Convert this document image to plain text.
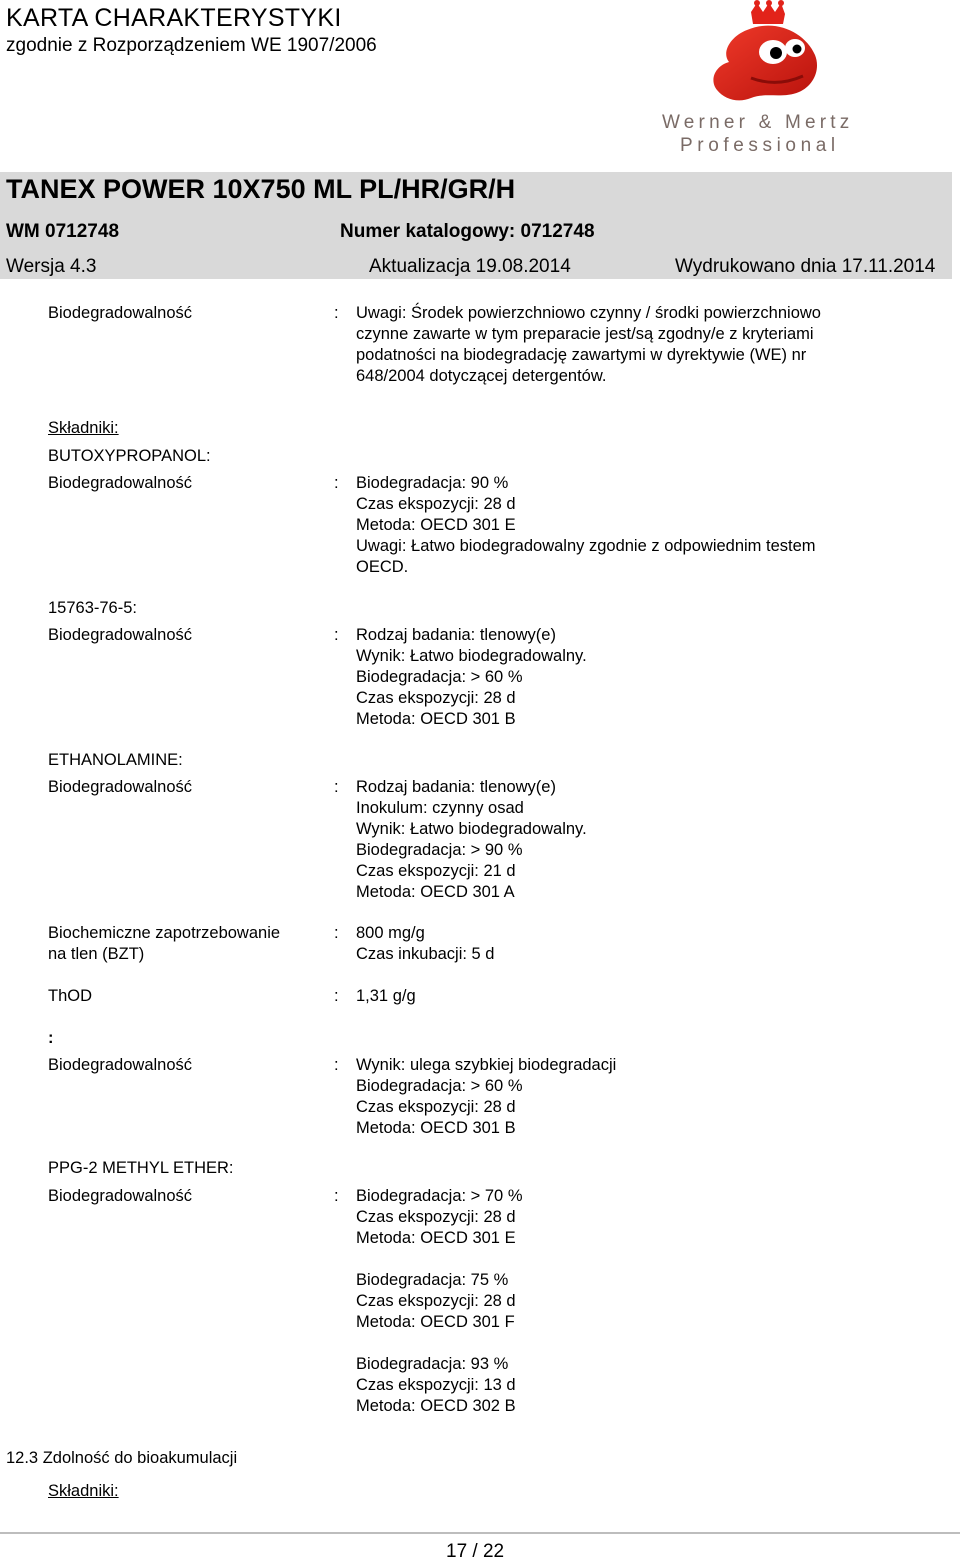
KARTA CHARAKTERYSTYKI
zgodnie z Rozporządzeniem WE 1907/2006
Werner & Mertz
Professional
TANEX POWER 10X750 ML PL/HR/GR/H
WM 0712748	Numer katalogowy: 0712748
Wersja 4.3	Aktualizacja 19.08.2014	Wydrukowano dnia 17.11.2014
Biodegradowalność	: Uwagi: Środek powierzchniowo czynny / środki powierzchniowo
czynne zawarte w tym preparacie jest/są zgodny/e z kryteriami
podatności na biodegradację zawartymi w dyrektywie (WE) nr
648/2004 dotyczącej detergentów.
Składniki:
BUTOXYPROPANOL:
Biodegradowalność	: Biodegradacja: 90 %
Czas ekspozycji: 28 d
Metoda: OECD 301 E
Uwagi: Łatwo biodegradowalny zgodnie z odpowiednim testem
OECD.
15763-76-5:
Biodegradowalność	: Rodzaj badania: tlenowy(e)
Wynik: Łatwo biodegradowalny.
Biodegradacja: > 60 %
Czas ekspozycji: 28 d
Metoda: OECD 301 B
ETHANOLAMINE:
Biodegradowalność	: Rodzaj badania: tlenowy(e)
Inokulum: czynny osad
Wynik: Łatwo biodegradowalny.
Biodegradacja: > 90 %
Czas ekspozycji: 21 d
Metoda: OECD 301 A
Biochemiczne zapotrzebowanie
na tlen (BZT)
: 800 mg/g
Czas inkubacji: 5 d
ThOD	: 1,31 g/g
:
Biodegradowalność	: Wynik: ulega szybkiej biodegradacji
Biodegradacja: > 60 %
Czas ekspozycji: 28 d
Metoda: OECD 301 B
PPG-2 METHYL ETHER:
Biodegradowalność	: Biodegradacja: > 70 %
Czas ekspozycji: 28 d
Metoda: OECD 301 E
Biodegradacja: 75 %
Czas ekspozycji: 28 d
Metoda: OECD 301 F
Biodegradacja: 93 %
Czas ekspozycji: 13 d
Metoda: OECD 302 B
12.3 Zdolność do bioakumulacji
Składniki:
17 / 22
